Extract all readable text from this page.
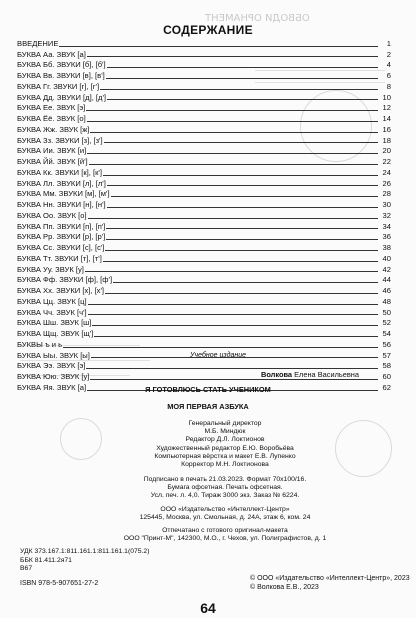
ОБВОДИ ОРНАМЕНТ
СОДЕРЖАНИЕ
ВВЕДЕНИЕ	1
БУКВА Аа. ЗВУК [а]	2
БУКВА Бб. ЗВУКИ [б], [б']	4
БУКВА Вв. ЗВУКИ [в], [в']	6
БУКВА Гг. ЗВУКИ [г], [г']	8
БУКВА Дд. ЗВУКИ [д], [д']	10
БУКВА Ее. ЗВУК [э]	12
БУКВА Ёё. ЗВУК [о]	14
БУКВА Жж. ЗВУК [ж]	16
БУКВА Зз. ЗВУКИ [з], [з']	18
БУКВА Ии. ЗВУК [и]	20
БУКВА Йй. ЗВУК [й']	22
БУКВА Кк. ЗВУКИ [к], [к']	24
БУКВА Лл. ЗВУКИ [л], [л']	26
БУКВА Мм. ЗВУКИ [м], [м']	28
БУКВА Нн. ЗВУКИ [н], [н']	30
БУКВА Оо. ЗВУК [о]	32
БУКВА Пп. ЗВУКИ [п], [п']	34
БУКВА Рр. ЗВУКИ [р], [р']	36
БУКВА Сс. ЗВУКИ [с], [с']	38
БУКВА Тт. ЗВУКИ [т], [т']	40
БУКВА Уу. ЗВУК [у]	42
БУКВА Фф. ЗВУКИ [ф], [ф']	44
БУКВА Хх. ЗВУКИ [х], [х']	46
БУКВА Цц. ЗВУК [ц]	48
БУКВА Чч. ЗВУК [ч']	50
БУКВА Шш. ЗВУК [ш]	52
БУКВА Щщ. ЗВУК [щ']	54
БУКВЫ ъ и ь	56
БУКВА Ыы. ЗВУК [ы]	57
БУКВА Ээ. ЗВУК [э]	58
БУКВА Юю. ЗВУК [у]	60
БУКВА Яя. ЗВУК [а]	62
Учебное издание
Волкова Елена Васильевна
Я ГОТОВЛЮСЬ СТАТЬ УЧЕНИКОМ
МОЯ ПЕРВАЯ АЗБУКА
Генеральный директор
М.Б. Миндюк
Редактор Д.Л. Локтионов
Художественный редактор Е.Ю. Воробьёва
Компьютерная вёрстка и макет Е.В. Лупенко
Корректор М.Н. Локтионова
Подписано в печать 21.03.2023. Формат 70х100/16.
Бумага офсетная. Печать офсетная.
Усл. печ. л. 4,0. Тираж 3000 экз. Заказ № 6224.
ООО «Издательство «Интеллект-Центр»
125445, Москва, ул. Смольная, д. 24А, этаж 6, ком. 24
Отпечатано с готового оригинал-макета
ООО "Принт-М", 142300, М.О., г. Чехов, ул. Полиграфистов, д. 1
УДК 373.167.1:811.161.1:811.161.1(075.2)
ББК 81.411.2я71
В67
ISBN 978-5-907651-27-2
© ООО «Издательство «Интеллект-Центр», 2023
© Волкова Е.В., 2023
64
